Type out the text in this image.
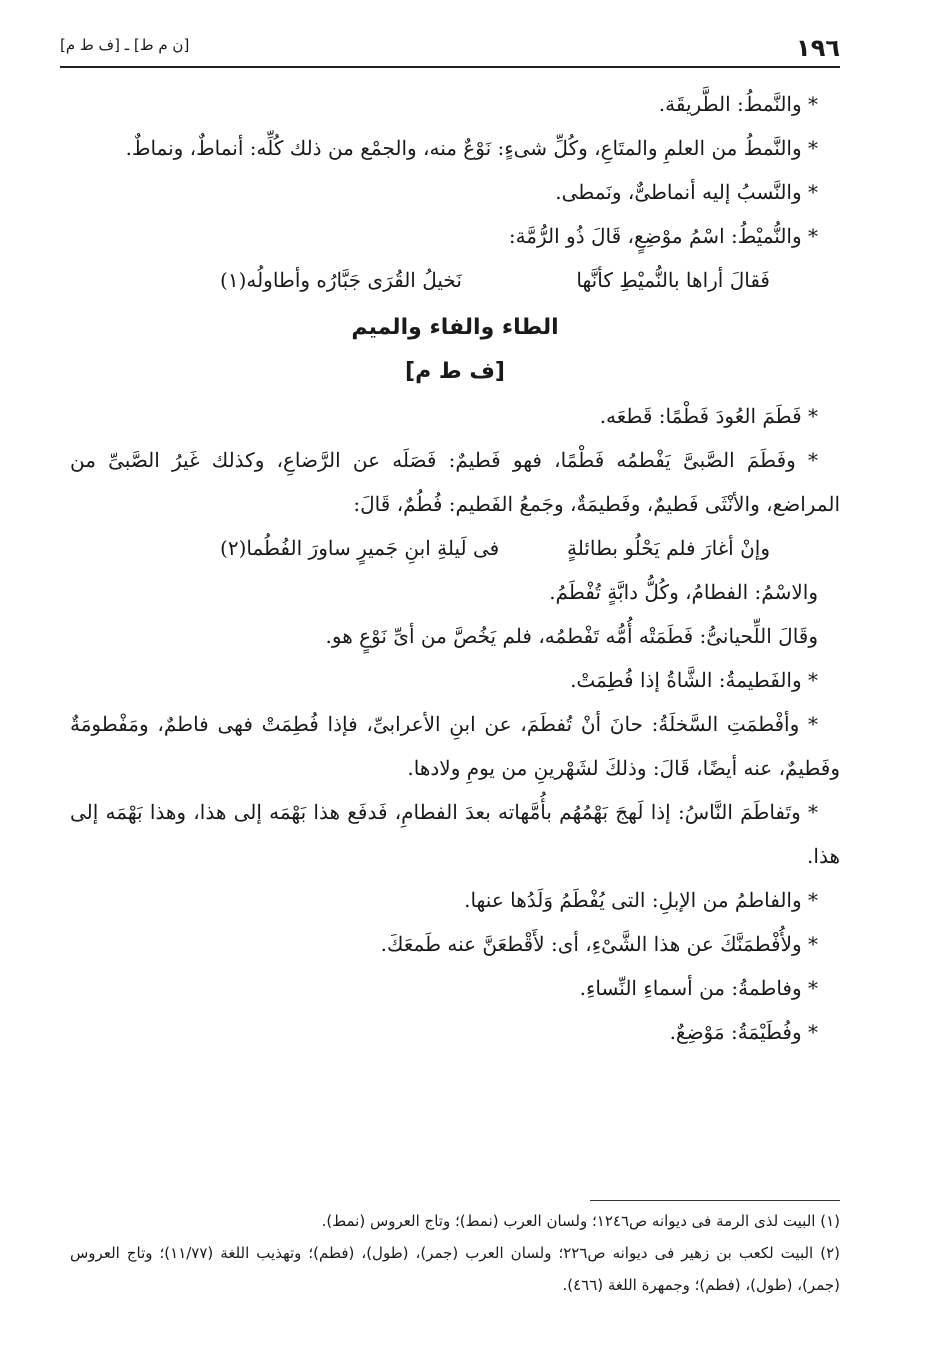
١٩٦
[ن م ط] ـ [ف ط م]

* والنَّمطُ: الطَّريقَة.

* والنَّمطُ من العلمِ والمتَاعِ، وكُلِّ شىءٍ: نَوْعٌ منه، والجمْع من ذلك كُلِّه: أنماطٌ، ونماطٌ.

* والنَّسبُ إليه أنماطىٌّ، ونَمطى.

* والنُّميْطُ: اسْمُ موْضِعٍ، قَالَ ذُو الرُّمَّة:

فَقالَ أراها بالنُّميْطِ كأنَّها
نَخيلُ القُرَى جَبَّارُه وأطاولُه(١)
الطاء والفاء والميم
[ف ط م]

* فَطَمَ العُودَ فَطْمًا: قَطعَه.

* وفَطَمَ الصَّبىَّ يَفْطمُه فَطْمًا، فهو فَطيمٌ: فَصَلَه عن الرَّضاعِ، وكذلك غَيرُ الصَّبىِّ من المراضع، والأنْثَى فَطيمٌ، وفَطيمَةٌ، وجَمعُ الفَطيم: فُطُمٌ، قَالَ:

وإنْ أغارَ فلم يَحْلُو بطائلةٍ
فى لَيلةِ ابنِ جَميرٍ ساورَ الفُطُما(٢)

والاسْمُ: الفطامُ، وكُلُّ دابَّةٍ تُفْطَمُ.

وقَالَ اللِّحيانىُّ: فَطَمَتْه أُمُّه تَفْطمُه، فلم يَخُصَّ من أىِّ نَوْعٍ هو.

* والفَطيمةُ: الشَّاةُ إذا فُطِمَتْ.

* وأفْطمَتِ السَّخلَةُ: حانَ أنْ تُفطَمَ، عن ابنِ الأعرابىِّ، فإذا فُطِمَتْ فهى فاطمٌ، ومَفْطومَةٌ وفَطيمٌ، عنه أيضًا، قَالَ: وذلكَ لشَهْرينِ من يومِ ولادها.

* وتَفاطَمَ النَّاسُ: إذا لَهجَ بَهْمُهُم بأُمَّهاته بعدَ الفطامِ، فَدفَع هذا بَهْمَه إلى هذا، وهذا بَهْمَه إلى هذا.

* والفاطمُ من الإبلِ: التى يُفْطَمُ وَلَدُها عنها.

* ولأُفْطمَنَّكَ عن هذا الشَّىْءِ، أى: لأَقْطعَنَّ عنه طَمعَكَ.

* وفاطمةُ: من أسماءِ النِّساءِ.

* وفُطَيْمَةُ: مَوْضِعٌ.

(١) البيت لذى الرمة فى ديوانه ص١٢٤٦؛ ولسان العرب (نمط)؛ وتاج العروس (نمط).

(٢) البيت لكعب بن زهير فى ديوانه ص٢٢٦؛ ولسان العرب (جمر)، (طول)، (فطم)؛ وتهذيب اللغة (١١/٧٧)؛ وتاج العروس (جمر)، (طول)، (فطم)؛ وجمهرة اللغة (٤٦٦).
